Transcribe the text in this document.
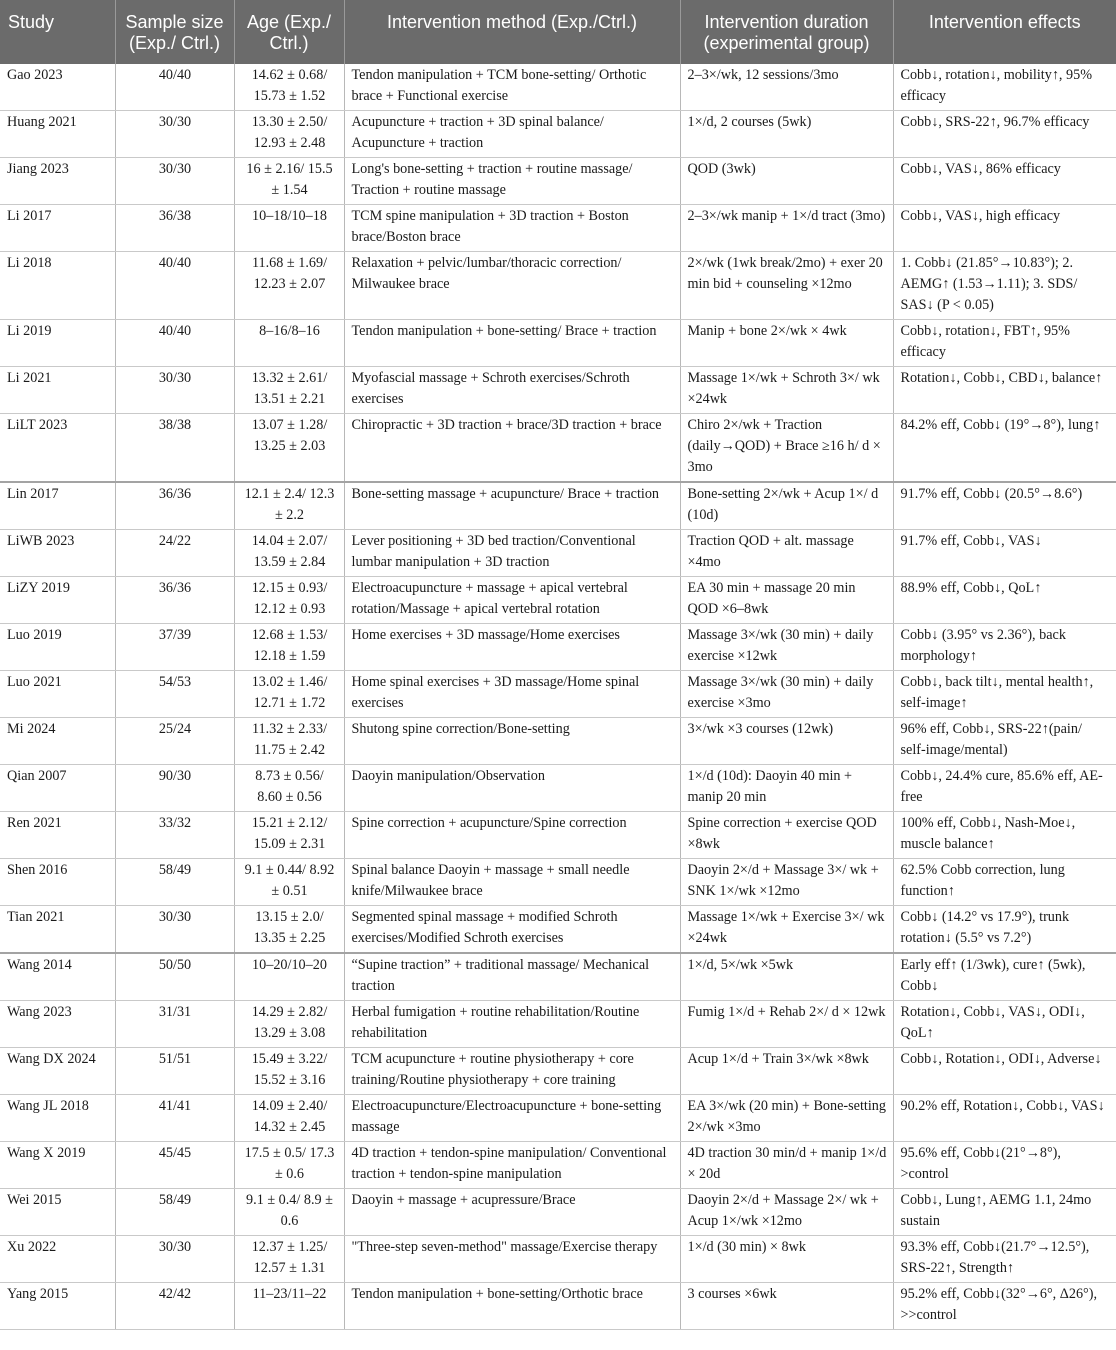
Study	Sample size (Exp./ Ctrl.)	Age (Exp./ Ctrl.)	Intervention method (Exp./Ctrl.)	Intervention duration (experimental group)	Intervention effects
Gao 2023	40/40	14.62 ± 0.68/ 15.73 ± 1.52	Tendon manipulation + TCM bone-setting/ Orthotic brace + Functional exercise	2–3×/wk, 12 sessions/3mo	Cobb↓, rotation↓, mobility↑, 95% efficacy
Huang 2021	30/30	13.30 ± 2.50/ 12.93 ± 2.48	Acupuncture + traction + 3D spinal balance/ Acupuncture + traction	1×/d, 2 courses (5wk)	Cobb↓, SRS-22↑, 96.7% efficacy
Jiang 2023	30/30	16 ± 2.16/ 15.5 ± 1.54	Long's bone-setting + traction + routine massage/ Traction + routine massage	QOD (3wk)	Cobb↓, VAS↓, 86% efficacy
Li 2017	36/38	10–18/10–18	TCM spine manipulation + 3D traction + Boston brace/Boston brace	2–3×/wk manip + 1×/d tract (3mo)	Cobb↓, VAS↓, high efficacy
Li 2018	40/40	11.68 ± 1.69/ 12.23 ± 2.07	Relaxation + pelvic/lumbar/thoracic correction/ Milwaukee brace	2×/wk (1wk break/2mo) + exer 20 min bid + counseling ×12mo	1. Cobb↓ (21.85°→10.83°); 2. AEMG↑ (1.53→1.11); 3. SDS/ SAS↓ (P < 0.05)
Li 2019	40/40	8–16/8–16	Tendon manipulation + bone-setting/ Brace + traction	Manip + bone 2×/wk × 4wk	Cobb↓, rotation↓, FBT↑, 95% efficacy
Li 2021	30/30	13.32 ± 2.61/ 13.51 ± 2.21	Myofascial massage + Schroth exercises/Schroth exercises	Massage 1×/wk + Schroth 3×/ wk ×24wk	Rotation↓, Cobb↓, CBD↓, balance↑
LiLT 2023	38/38	13.07 ± 1.28/ 13.25 ± 2.03	Chiropractic + 3D traction + brace/3D traction + brace	Chiro 2×/wk + Traction (daily→QOD) + Brace ≥16 h/ d × 3mo	84.2% eff, Cobb↓ (19°→8°), lung↑
Lin 2017	36/36	12.1 ± 2.4/ 12.3 ± 2.2	Bone-setting massage + acupuncture/ Brace + traction	Bone-setting 2×/wk + Acup 1×/ d (10d)	91.7% eff, Cobb↓ (20.5°→8.6°)
LiWB 2023	24/22	14.04 ± 2.07/ 13.59 ± 2.84	Lever positioning + 3D bed traction/Conventional lumbar manipulation + 3D traction	Traction QOD + alt. massage ×4mo	91.7% eff, Cobb↓, VAS↓
LiZY 2019	36/36	12.15 ± 0.93/ 12.12 ± 0.93	Electroacupuncture + massage + apical vertebral rotation/Massage + apical vertebral rotation	EA 30 min + massage 20 min QOD ×6–8wk	88.9% eff, Cobb↓, QoL↑
Luo 2019	37/39	12.68 ± 1.53/ 12.18 ± 1.59	Home exercises + 3D massage/Home exercises	Massage 3×/wk (30 min) + daily exercise ×12wk	Cobb↓ (3.95° vs 2.36°), back morphology↑
Luo 2021	54/53	13.02 ± 1.46/ 12.71 ± 1.72	Home spinal exercises + 3D massage/Home spinal exercises	Massage 3×/wk (30 min) + daily exercise ×3mo	Cobb↓, back tilt↓, mental health↑, self-image↑
Mi 2024	25/24	11.32 ± 2.33/ 11.75 ± 2.42	Shutong spine correction/Bone-setting	3×/wk ×3 courses (12wk)	96% eff, Cobb↓, SRS-22↑(pain/ self-image/mental)
Qian 2007	90/30	8.73 ± 0.56/ 8.60 ± 0.56	Daoyin manipulation/Observation	1×/d (10d): Daoyin 40 min + manip 20 min	Cobb↓, 24.4% cure, 85.6% eff, AE-free
Ren 2021	33/32	15.21 ± 2.12/ 15.09 ± 2.31	Spine correction + acupuncture/Spine correction	Spine correction + exercise QOD ×8wk	100% eff, Cobb↓, Nash-Moe↓, muscle balance↑
Shen 2016	58/49	9.1 ± 0.44/ 8.92 ± 0.51	Spinal balance Daoyin + massage + small needle knife/Milwaukee brace	Daoyin 2×/d + Massage 3×/ wk + SNK 1×/wk ×12mo	62.5% Cobb correction, lung function↑
Tian 2021	30/30	13.15 ± 2.0/ 13.35 ± 2.25	Segmented spinal massage + modified Schroth exercises/Modified Schroth exercises	Massage 1×/wk + Exercise 3×/ wk ×24wk	Cobb↓ (14.2° vs 17.9°), trunk rotation↓ (5.5° vs 7.2°)
Wang 2014	50/50	10–20/10–20	“Supine traction” + traditional massage/ Mechanical traction	1×/d, 5×/wk ×5wk	Early eff↑ (1/3wk), cure↑ (5wk), Cobb↓
Wang 2023	31/31	14.29 ± 2.82/ 13.29 ± 3.08	Herbal fumigation + routine rehabilitation/Routine rehabilitation	Fumig 1×/d + Rehab 2×/ d × 12wk	Rotation↓, Cobb↓, VAS↓, ODI↓, QoL↑
Wang DX 2024	51/51	15.49 ± 3.22/ 15.52 ± 3.16	TCM acupuncture + routine physiotherapy + core training/Routine physiotherapy + core training	Acup 1×/d + Train 3×/wk ×8wk	Cobb↓, Rotation↓, ODI↓, Adverse↓
Wang JL 2018	41/41	14.09 ± 2.40/ 14.32 ± 2.45	Electroacupuncture/Electroacupuncture + bone-setting massage	EA 3×/wk (20 min) + Bone-setting 2×/wk ×3mo	90.2% eff, Rotation↓, Cobb↓, VAS↓
Wang X 2019	45/45	17.5 ± 0.5/ 17.3 ± 0.6	4D traction + tendon-spine manipulation/ Conventional traction + tendon-spine manipulation	4D traction 30 min/d + manip 1×/d × 20d	95.6% eff, Cobb↓(21°→8°), >control
Wei 2015	58/49	9.1 ± 0.4/ 8.9 ± 0.6	Daoyin + massage + acupressure/Brace	Daoyin 2×/d + Massage 2×/ wk + Acup 1×/wk ×12mo	Cobb↓, Lung↑, AEMG 1.1, 24mo sustain
Xu 2022	30/30	12.37 ± 1.25/ 12.57 ± 1.31	"Three-step seven-method" massage/Exercise therapy	1×/d (30 min) × 8wk	93.3% eff, Cobb↓(21.7°→12.5°), SRS-22↑, Strength↑
Yang 2015	42/42	11–23/11–22	Tendon manipulation + bone-setting/Orthotic brace	3 courses ×6wk	95.2% eff, Cobb↓(32°→6°, Δ26°), >>control
